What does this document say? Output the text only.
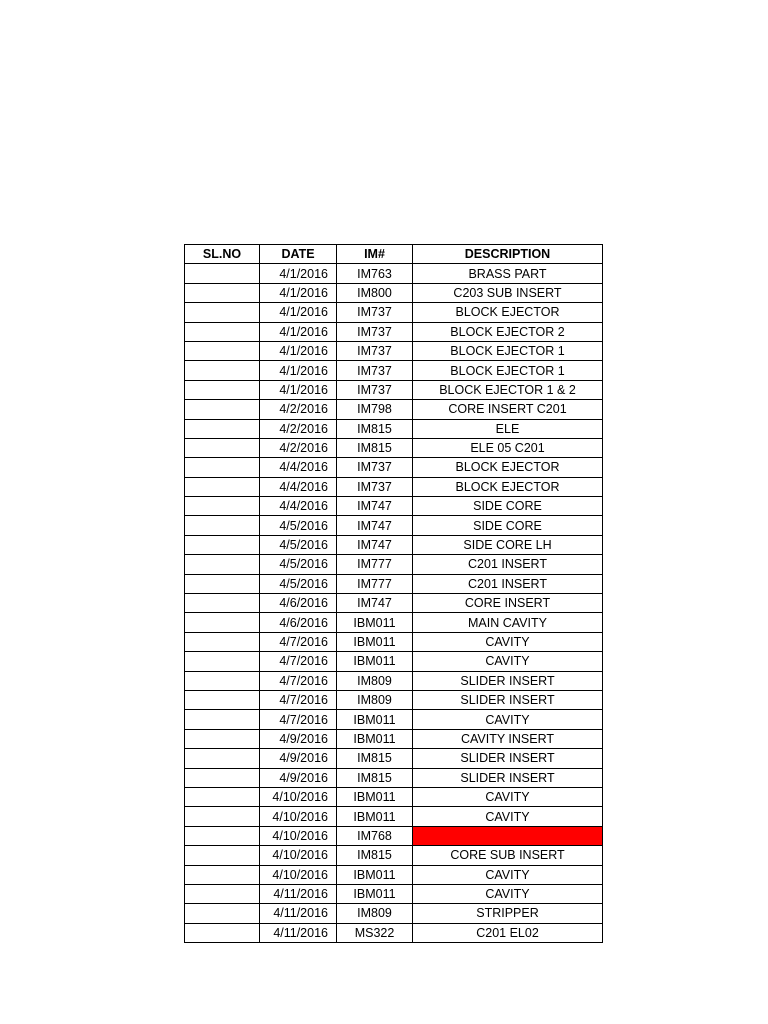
SL.NO	DATE	IM#	DESCRIPTION
	4/1/2016	IM763	BRASS PART
	4/1/2016	IM800	C203 SUB INSERT
	4/1/2016	IM737	BLOCK EJECTOR
	4/1/2016	IM737	BLOCK EJECTOR 2
	4/1/2016	IM737	BLOCK EJECTOR 1
	4/1/2016	IM737	BLOCK EJECTOR 1
	4/1/2016	IM737	BLOCK EJECTOR 1 & 2
	4/2/2016	IM798	CORE INSERT C201
	4/2/2016	IM815	ELE
	4/2/2016	IM815	ELE 05 C201
	4/4/2016	IM737	BLOCK EJECTOR
	4/4/2016	IM737	BLOCK EJECTOR
	4/4/2016	IM747	SIDE CORE
	4/5/2016	IM747	SIDE CORE
	4/5/2016	IM747	SIDE CORE LH
	4/5/2016	IM777	C201 INSERT
	4/5/2016	IM777	C201 INSERT
	4/6/2016	IM747	CORE INSERT
	4/6/2016	IBM011	MAIN CAVITY
	4/7/2016	IBM011	CAVITY
	4/7/2016	IBM011	CAVITY
	4/7/2016	IM809	SLIDER INSERT
	4/7/2016	IM809	SLIDER INSERT
	4/7/2016	IBM011	CAVITY
	4/9/2016	IBM011	CAVITY INSERT
	4/9/2016	IM815	SLIDER INSERT
	4/9/2016	IM815	SLIDER INSERT
	4/10/2016	IBM011	CAVITY
	4/10/2016	IBM011	CAVITY
	4/10/2016	IM768	
	4/10/2016	IM815	CORE SUB INSERT
	4/10/2016	IBM011	CAVITY
	4/11/2016	IBM011	CAVITY
	4/11/2016	IM809	STRIPPER
	4/11/2016	MS322	C201 EL02
